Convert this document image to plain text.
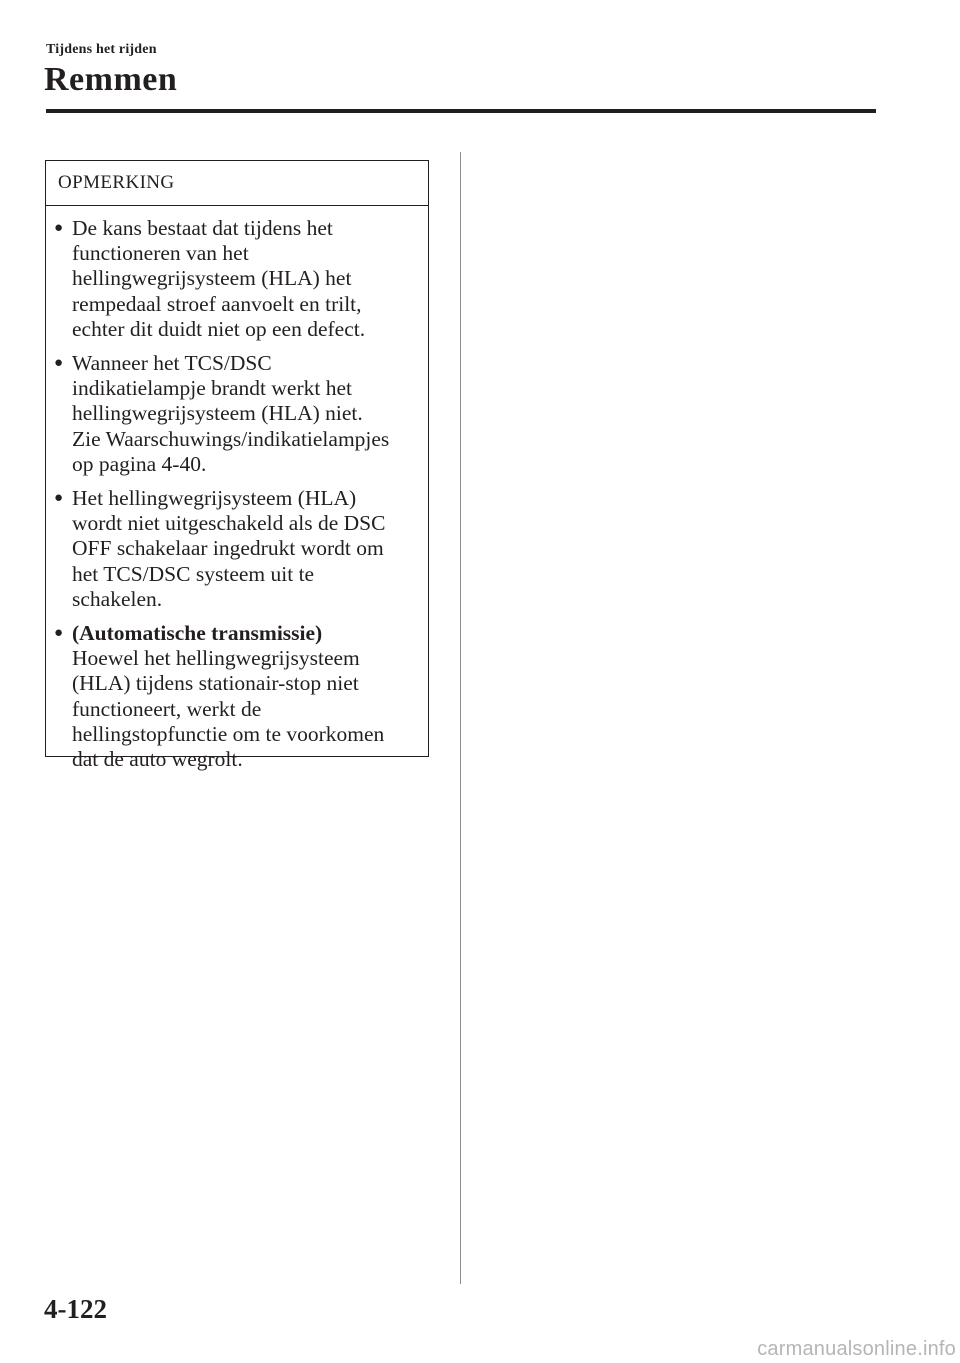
Tijdens het rijden
Remmen
OPMERKING
● De kans bestaat dat tijdens het
functioneren van het
hellingwegrijsysteem (HLA) het
rempedaal stroef aanvoelt en trilt,
echter dit duidt niet op een defect.
● Wanneer het TCS/DSC
indikatielampje brandt werkt het
hellingwegrijsysteem (HLA) niet.
Zie Waarschuwings/indikatielampjes
op pagina 4-40.
● Het hellingwegrijsysteem (HLA)
wordt niet uitgeschakeld als de DSC
OFF schakelaar ingedrukt wordt om
het TCS/DSC systeem uit te
schakelen.
● (Automatische transmissie)
Hoewel het hellingwegrijsysteem
(HLA) tijdens stationair-stop niet
functioneert, werkt de
hellingstopfunctie om te voorkomen
dat de auto wegrolt.
4-122
carmanualsonline.info
